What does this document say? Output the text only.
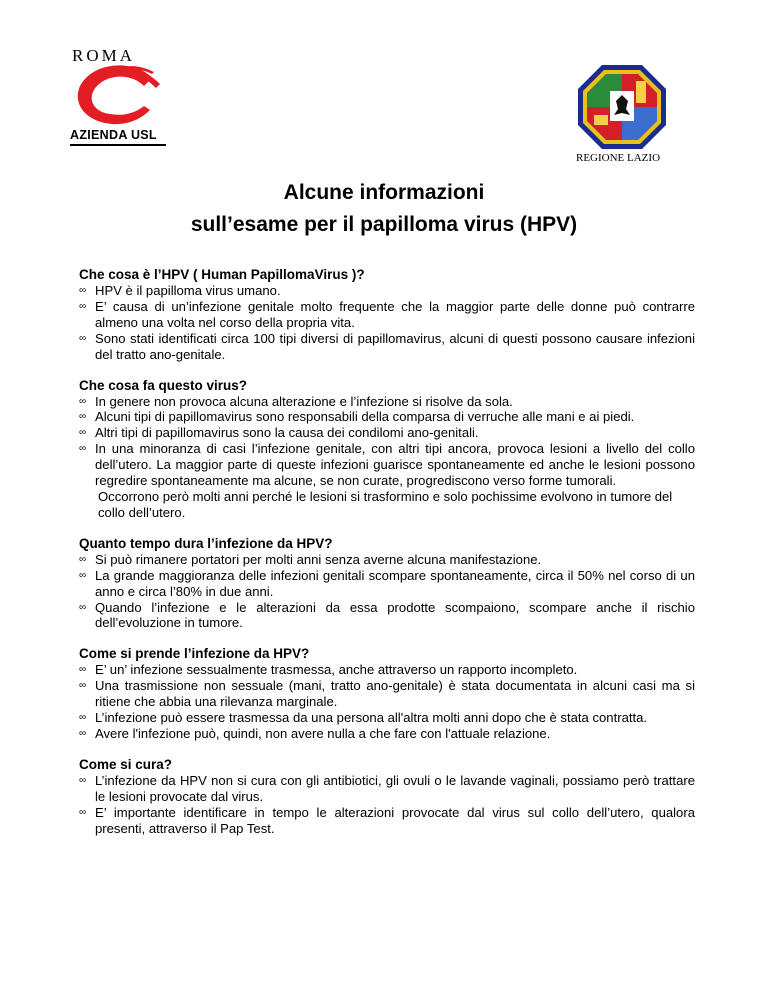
ROMA
AZIENDA USL
REGIONE LAZIO
Alcune informazioni
sull’esame per il papilloma virus (HPV)
Che cosa è l’HPV ( Human PapillomaVirus )?
∞ HPV è il papilloma virus umano.
∞ E’ causa di un’infezione genitale molto frequente che la maggior parte delle donne può contrarre almeno una volta nel corso della propria vita.
∞ Sono stati identificati circa 100 tipi diversi di papillomavirus, alcuni di questi possono causare infezioni del tratto ano-genitale.
Che cosa fa questo virus?
∞ In genere non provoca alcuna alterazione e l’infezione si risolve da sola.
∞ Alcuni tipi di papillomavirus sono responsabili della comparsa di verruche alle mani e ai piedi.
∞ Altri tipi di papillomavirus sono la causa dei condilomi ano-genitali.
∞ In una minoranza di casi l’infezione genitale, con altri tipi ancora, provoca lesioni a livello del collo dell’utero. La maggior parte di queste infezioni guarisce spontaneamente ed anche le lesioni possono regredire spontaneamente ma alcune, se non curate, progrediscono verso forme tumorali.

Occorrono però molti anni perché le lesioni si trasformino e solo pochissime evolvono in tumore del collo dell’utero.

Quanto tempo dura l’infezione da HPV?
∞ Si può rimanere portatori per molti anni senza averne alcuna manifestazione.
∞ La grande maggioranza delle infezioni genitali scompare spontaneamente, circa il 50% nel corso di un anno e circa l’80% in due anni.
∞ Quando l’infezione e le alterazioni da essa prodotte scompaiono, scompare anche il rischio dell’evoluzione in tumore.
Come si prende l’infezione da HPV?
∞ E’ un’ infezione sessualmente trasmessa, anche attraverso un rapporto incompleto.
∞ Una trasmissione non sessuale (mani, tratto ano-genitale) è stata documentata in alcuni casi ma si ritiene che abbia una rilevanza marginale.
∞ L’infezione può essere trasmessa da una persona all'altra molti anni dopo che è stata contratta.
∞ Avere l'infezione può, quindi, non avere nulla a che fare con l'attuale relazione.
Come si cura?
∞ L’infezione da HPV non si cura con gli antibiotici, gli ovuli o le lavande vaginali, possiamo però trattare le lesioni provocate dal virus.
∞ E’ importante identificare in tempo le alterazioni provocate dal virus sul collo dell’utero, qualora presenti, attraverso il Pap Test.
